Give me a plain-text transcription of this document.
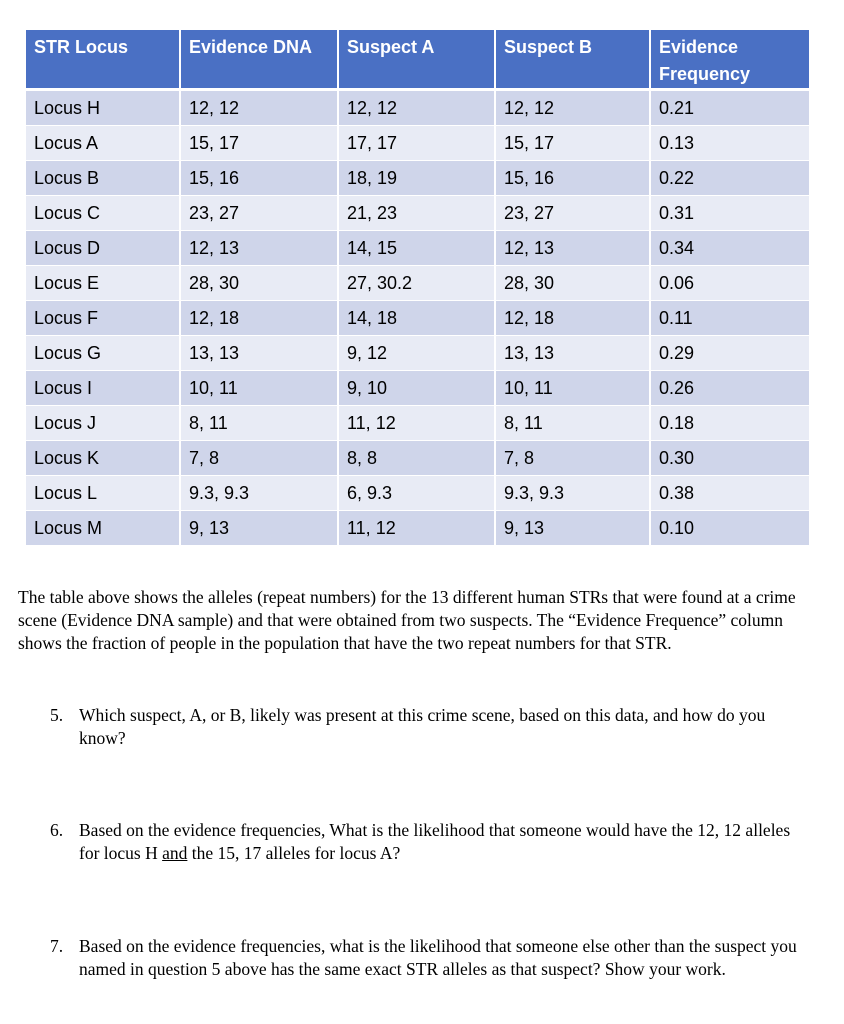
STR Locus	Evidence DNA	Suspect A	Suspect B	Evidence Frequency
Locus H	12, 12	12, 12	12, 12	0.21
Locus A	15, 17	17, 17	15, 17	0.13
Locus B	15, 16	18, 19	15, 16	0.22
Locus C	23, 27	21, 23	23, 27	0.31
Locus D	12, 13	14, 15	12, 13	0.34
Locus E	28, 30	27, 30.2	28, 30	0.06
Locus F	12, 18	14, 18	12, 18	0.11
Locus G	13, 13	9, 12	13, 13	0.29
Locus I	10, 11	9, 10	10, 11	0.26
Locus J	8, 11	11, 12	8, 11	0.18
Locus K	7, 8	8, 8	7, 8	0.30
Locus L	9.3, 9.3	6, 9.3	9.3, 9.3	0.38
Locus M	9, 13	11, 12	9, 13	0.10

The table above shows the alleles (repeat numbers) for the 13 different human STRs that were found at a crime scene (Evidence DNA sample) and that were obtained from two suspects. The “Evidence Frequence” column shows the fraction of people in the population that have the two repeat numbers for that STR.

5. Which suspect, A, or B, likely was present at this crime scene, based on this data, and how do you know?
6. Based on the evidence frequencies, What is the likelihood that someone would have the 12, 12 alleles for locus H and the 15, 17 alleles for locus A?
7. Based on the evidence frequencies, what is the likelihood that someone else other than the suspect you named in question 5 above has the same exact STR alleles as that suspect? Show your work.
